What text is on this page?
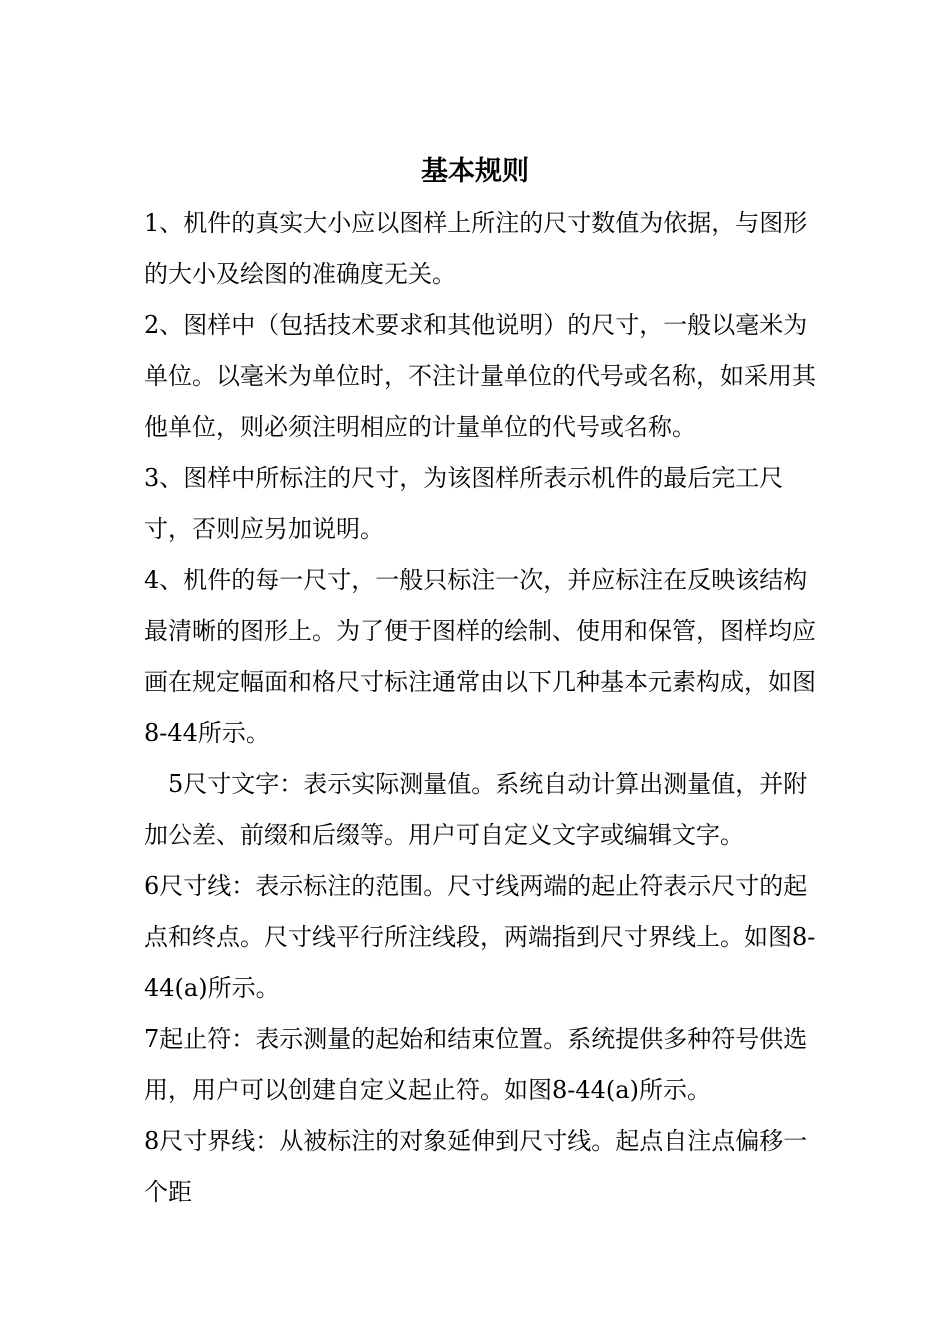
基本规则

1、机件的真实大小应以图样上所注的尺寸数值为依据，与图形的大小及绘图的准确度无关。

2、图样中（包括技术要求和其他说明）的尺寸，一般以毫米为单位。以毫米为单位时，不注计量单位的代号或名称，如采用其他单位，则必须注明相应的计量单位的代号或名称。

3、图样中所标注的尺寸，为该图样所表示机件的最后完工尺寸，否则应另加说明。

4、机件的每一尺寸，一般只标注一次，并应标注在反映该结构最清晰的图形上。为了便于图样的绘制、使用和保管，图样均应画在规定幅面和格尺寸标注通常由以下几种基本元素构成，如图8-44所示。

5尺寸文字：表示实际测量值。系统自动计算出测量值，并附加公差、前缀和后缀等。用户可自定义文字或编辑文字。

6尺寸线：表示标注的范围。尺寸线两端的起止符表示尺寸的起点和终点。尺寸线平行所注线段，两端指到尺寸界线上。如图8-44(a)所示。

7起止符：表示测量的起始和结束位置。系统提供多种符号供选用，用户可以创建自定义起止符。如图8-44(a)所示。

8尺寸界线：从被标注的对象延伸到尺寸线。起点自注点偏移一个距
